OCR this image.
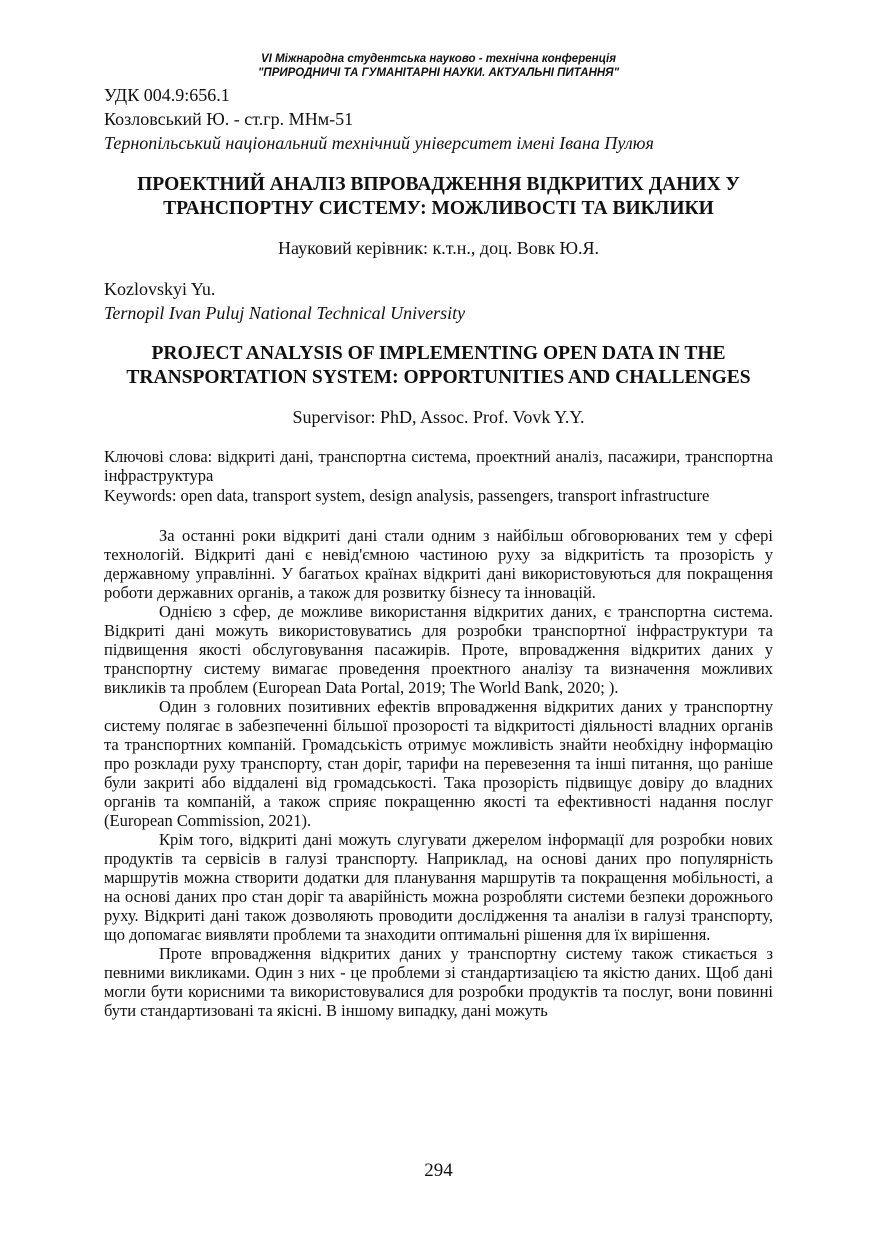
VI Міжнародна студентська науково - технічна конференція
"ПРИРОДНИЧІ ТА ГУМАНІТАРНІ НАУКИ. АКТУАЛЬНІ ПИТАННЯ"
УДК 004.9:656.1
Козловський Ю. - ст.гр. МНм-51
Тернопільський національний технічний університет імені Івана Пулюя
ПРОЕКТНИЙ АНАЛІЗ ВПРОВАДЖЕННЯ ВІДКРИТИХ ДАНИХ У
ТРАНСПОРТНУ СИСТЕМУ: МОЖЛИВОСТІ ТА ВИКЛИКИ
Науковий керівник: к.т.н., доц. Вовк Ю.Я.
Kozlovskyi Yu.
Ternopil Ivan Puluj National Technical University
PROJECT ANALYSIS OF IMPLEMENTING OPEN DATA IN THE
TRANSPORTATION SYSTEM: OPPORTUNITIES AND CHALLENGES
Supervisor: PhD, Assoc. Prof. Vovk Y.Y.
Ключові слова: відкриті дані, транспортна система, проектний аналіз, пасажири, транспортна інфраструктура
Keywords: open data, transport system, design analysis, passengers, transport infrastructure

За останні роки відкриті дані стали одним з найбільш обговорюваних тем у сфері технологій. Відкриті дані є невід'ємною частиною руху за відкритість та прозорість у державному управлінні. У багатьох країнах відкриті дані використовуються для покращення роботи державних органів, а також для розвитку бізнесу та інновацій.

Однією з сфер, де можливе використання відкритих даних, є транспортна система. Відкриті дані можуть використовуватись для розробки транспортної інфраструктури та підвищення якості обслуговування пасажирів. Проте, впровадження відкритих даних у транспортну систему вимагає проведення проектного аналізу та визначення можливих викликів та проблем (European Data Portal, 2019; The World Bank, 2020; ).

Один з головних позитивних ефектів впровадження відкритих даних у транспортну систему полягає в забезпеченні більшої прозорості та відкритості діяльності владних органів та транспортних компаній. Громадськість отримує можливість знайти необхідну інформацію про розклади руху транспорту, стан доріг, тарифи на перевезення та інші питання, що раніше були закриті або віддалені від громадськості. Така прозорість підвищує довіру до владних органів та компаній, а також сприяє покращенню якості та ефективності надання послуг (European Commission, 2021).

Крім того, відкриті дані можуть слугувати джерелом інформації для розробки нових продуктів та сервісів в галузі транспорту. Наприклад, на основі даних про популярність маршрутів можна створити додатки для планування маршрутів та покращення мобільності, а на основі даних про стан доріг та аварійність можна розробляти системи безпеки дорожнього руху. Відкриті дані також дозволяють проводити дослідження та аналізи в галузі транспорту, що допомагає виявляти проблеми та знаходити оптимальні рішення для їх вирішення.

Проте впровадження відкритих даних у транспортну систему також стикається з певними викликами. Один з них - це проблеми зі стандартизацією та якістю даних. Щоб дані могли бути корисними та використовувалися для розробки продуктів та послуг, вони повинні бути стандартизовані та якісні. В іншому випадку, дані можуть

294
